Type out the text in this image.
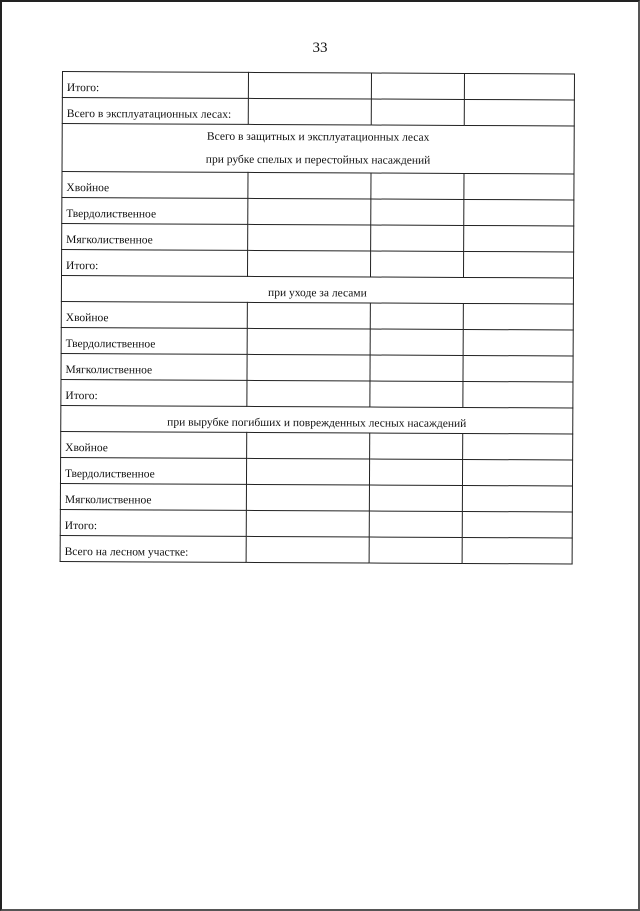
33
Итого:			
Всего в эксплуатационных лесах:			

Всего в защитных и эксплуатационных лесах
при рубке спелых и перестойных насаждений			

Хвойное			
Твердолиственное			
Мягколиственное			
Итого:			
при уходе за лесами			
Хвойное			
Твердолиственное			
Мягколиственное			
Итого:			
при вырубке погибших и поврежденных лесных насаждений			
Хвойное			
Твердолиственное			
Мягколиственное			
Итого:			
Всего на лесном участке:			
